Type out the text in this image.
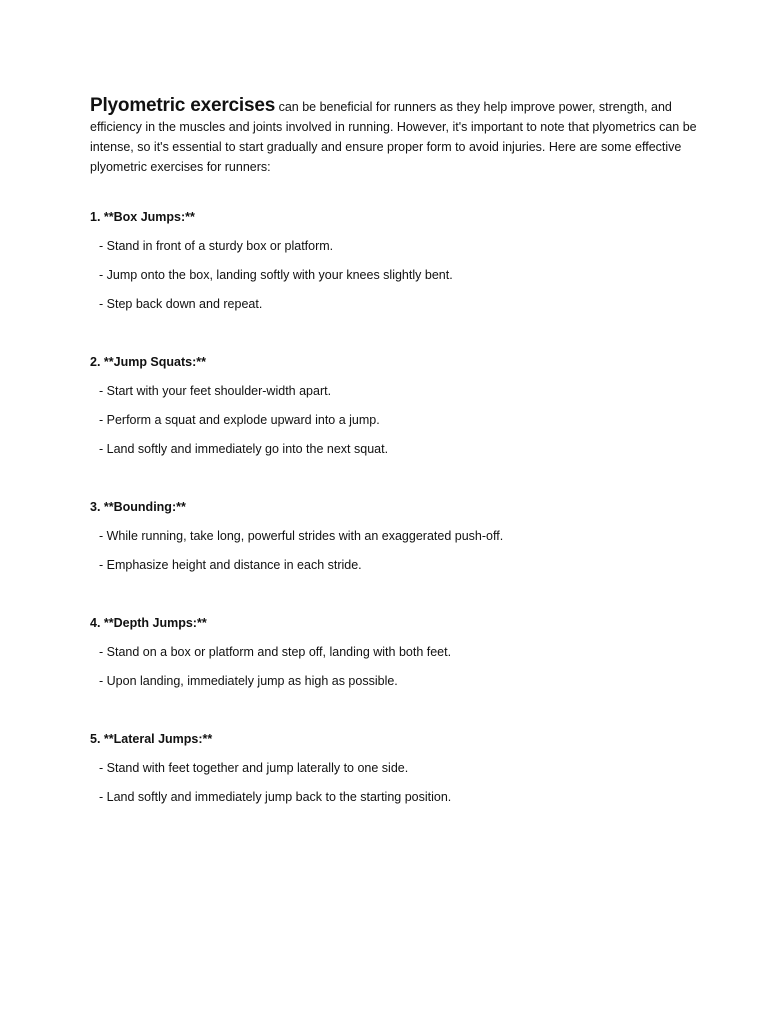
Plyometric exercises can be beneficial for runners as they help improve power, strength, and efficiency in the muscles and joints involved in running. However, it's important to note that plyometrics can be intense, so it's essential to start gradually and ensure proper form to avoid injuries. Here are some effective plyometric exercises for runners:

1. **Box Jumps:**

- Stand in front of a sturdy box or platform.

- Jump onto the box, landing softly with your knees slightly bent.

- Step back down and repeat.

2. **Jump Squats:**

- Start with your feet shoulder-width apart.

- Perform a squat and explode upward into a jump.

- Land softly and immediately go into the next squat.

3. **Bounding:**

- While running, take long, powerful strides with an exaggerated push-off.

- Emphasize height and distance in each stride.

4. **Depth Jumps:**

- Stand on a box or platform and step off, landing with both feet.

- Upon landing, immediately jump as high as possible.

5. **Lateral Jumps:**

- Stand with feet together and jump laterally to one side.

- Land softly and immediately jump back to the starting position.
